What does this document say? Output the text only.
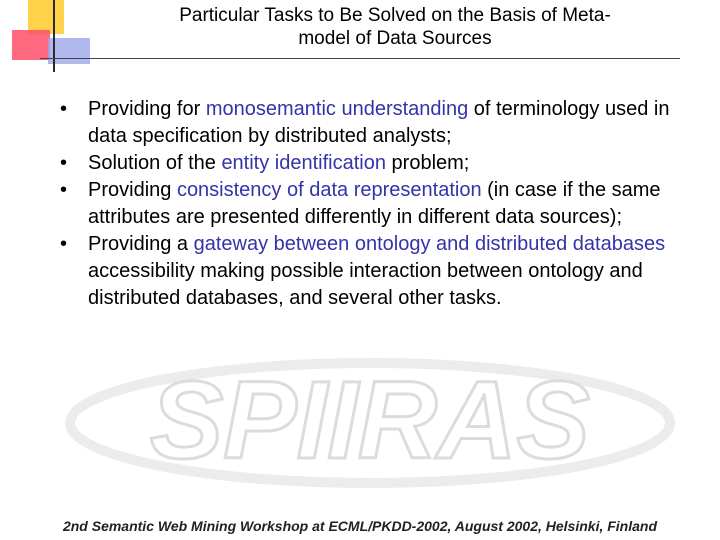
SPIIRAS
Particular Tasks to Be Solved on the Basis of Meta-
model of Data Sources
• Providing for monosemantic understanding of terminology used in data specification by distributed analysts;
• Solution of the entity identification problem;
• Providing consistency of data representation (in case if the same attributes are presented differently in different data sources);
• Providing a gateway between ontology and distributed databases accessibility making possible interaction between ontology and distributed databases, and several other tasks.
2nd Semantic Web Mining Workshop at ECML/PKDD-2002, August 2002, Helsinki, Finland
